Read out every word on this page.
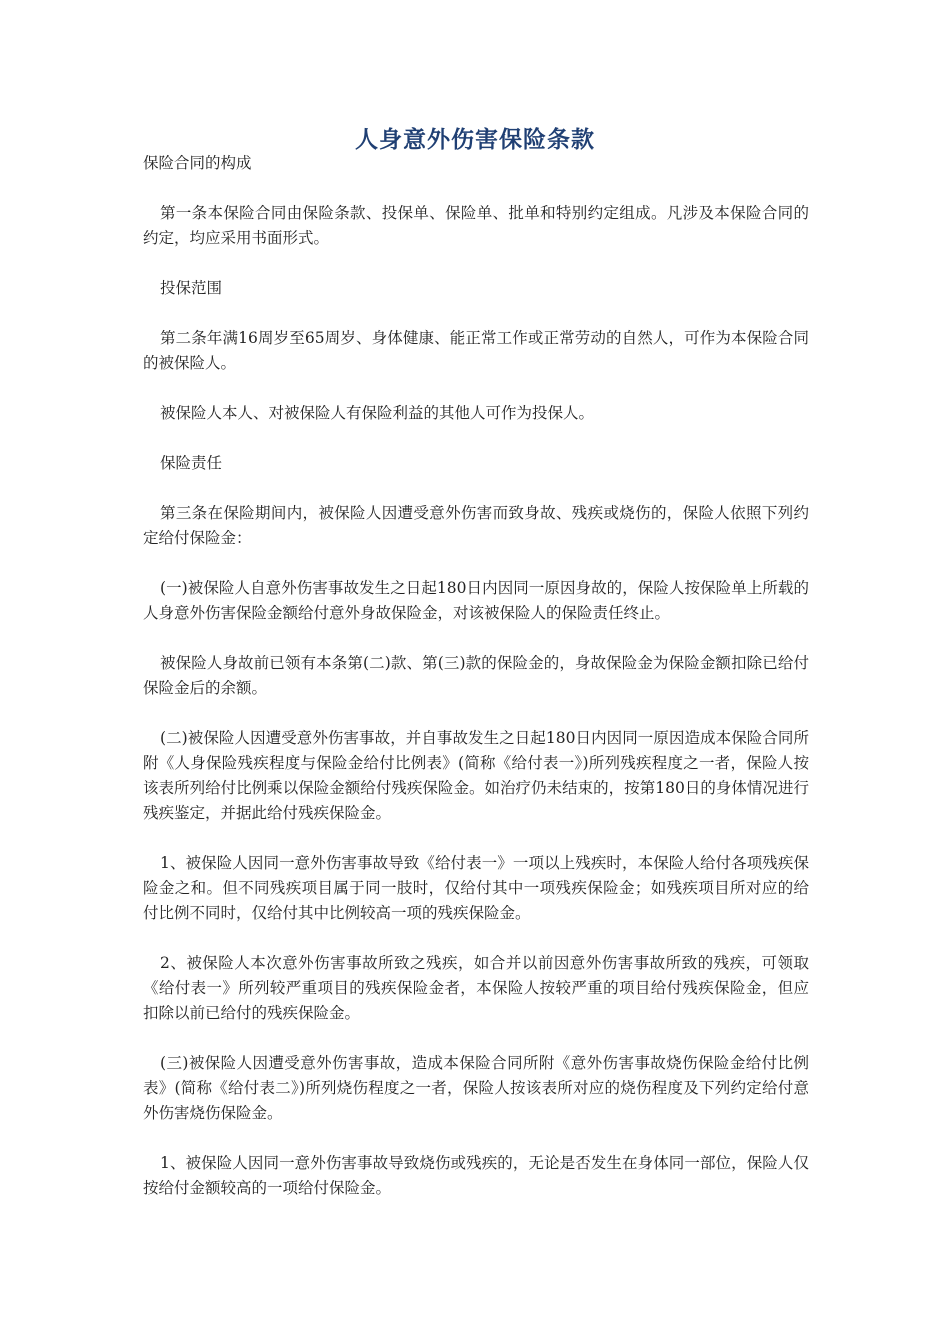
人身意外伤害保险条款

保险合同的构成

第一条本保险合同由保险条款、投保单、保险单、批单和特别约定组成。凡涉及本保险合同的约定，均应采用书面形式。

投保范围

第二条年满16周岁至65周岁、身体健康、能正常工作或正常劳动的自然人，可作为本保险合同的被保险人。

被保险人本人、对被保险人有保险利益的其他人可作为投保人。

保险责任

第三条在保险期间内，被保险人因遭受意外伤害而致身故、残疾或烧伤的，保险人依照下列约定给付保险金：

(一)被保险人自意外伤害事故发生之日起180日内因同一原因身故的，保险人按保险单上所载的人身意外伤害保险金额给付意外身故保险金，对该被保险人的保险责任终止。

被保险人身故前已领有本条第(二)款、第(三)款的保险金的，身故保险金为保险金额扣除已给付保险金后的余额。

(二)被保险人因遭受意外伤害事故，并自事故发生之日起180日内因同一原因造成本保险合同所附《人身保险残疾程度与保险金给付比例表》(简称《给付表一》)所列残疾程度之一者，保险人按该表所列给付比例乘以保险金额给付残疾保险金。如治疗仍未结束的，按第180日的身体情况进行残疾鉴定，并据此给付残疾保险金。

1、被保险人因同一意外伤害事故导致《给付表一》一项以上残疾时，本保险人给付各项残疾保险金之和。但不同残疾项目属于同一肢时，仅给付其中一项残疾保险金；如残疾项目所对应的给付比例不同时，仅给付其中比例较高一项的残疾保险金。

2、被保险人本次意外伤害事故所致之残疾，如合并以前因意外伤害事故所致的残疾，可领取《给付表一》所列较严重项目的残疾保险金者，本保险人按较严重的项目给付残疾保险金，但应扣除以前已给付的残疾保险金。

(三)被保险人因遭受意外伤害事故，造成本保险合同所附《意外伤害事故烧伤保险金给付比例表》(简称《给付表二》)所列烧伤程度之一者，保险人按该表所对应的烧伤程度及下列约定给付意外伤害烧伤保险金。

1、被保险人因同一意外伤害事故导致烧伤或残疾的，无论是否发生在身体同一部位，保险人仅按给付金额较高的一项给付保险金。
